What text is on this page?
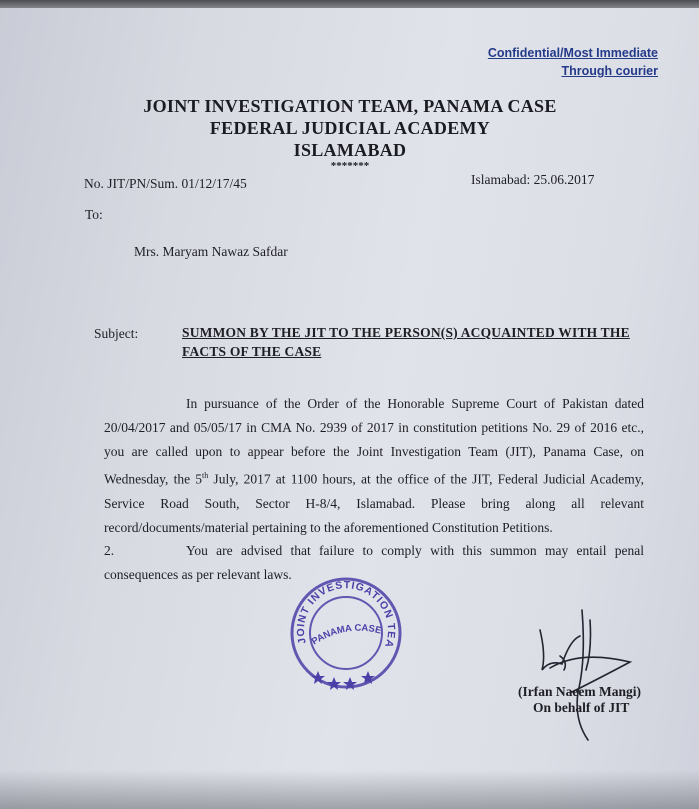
Confidential/Most Immediate
Through courier
JOINT INVESTIGATION TEAM, PANAMA CASE
FEDERAL JUDICIAL ACADEMY
ISLAMABAD
*******
No. JIT/PN/Sum. 01/12/17/45	Islamabad: 25.06.2017
To:
Mrs. Maryam Nawaz Safdar
Subject:	SUMMON BY THE JIT TO THE PERSON(S) ACQUAINTED WITH THE FACTS OF THE CASE

In pursuance of the Order of the Honorable Supreme Court of Pakistan dated 20/04/2017 and 05/05/17 in CMA No. 2939 of 2017 in constitution petitions No. 29 of 2016 etc., you are called upon to appear before the Joint Investigation Team (JIT), Panama Case, on Wednesday, the 5th July, 2017 at 1100 hours, at the office of the JIT, Federal Judicial Academy, Service Road South, Sector H-8/4, Islamabad. Please bring along all relevant record/documents/material pertaining to the aforementioned Constitution Petitions.

2.	You are advised that failure to comply with this summon may entail penal consequences as per relevant laws.

JOINT INVESTIGATION TEA
PANAMA CASE
(Irfan Naeem Mangi)
On behalf of JIT
